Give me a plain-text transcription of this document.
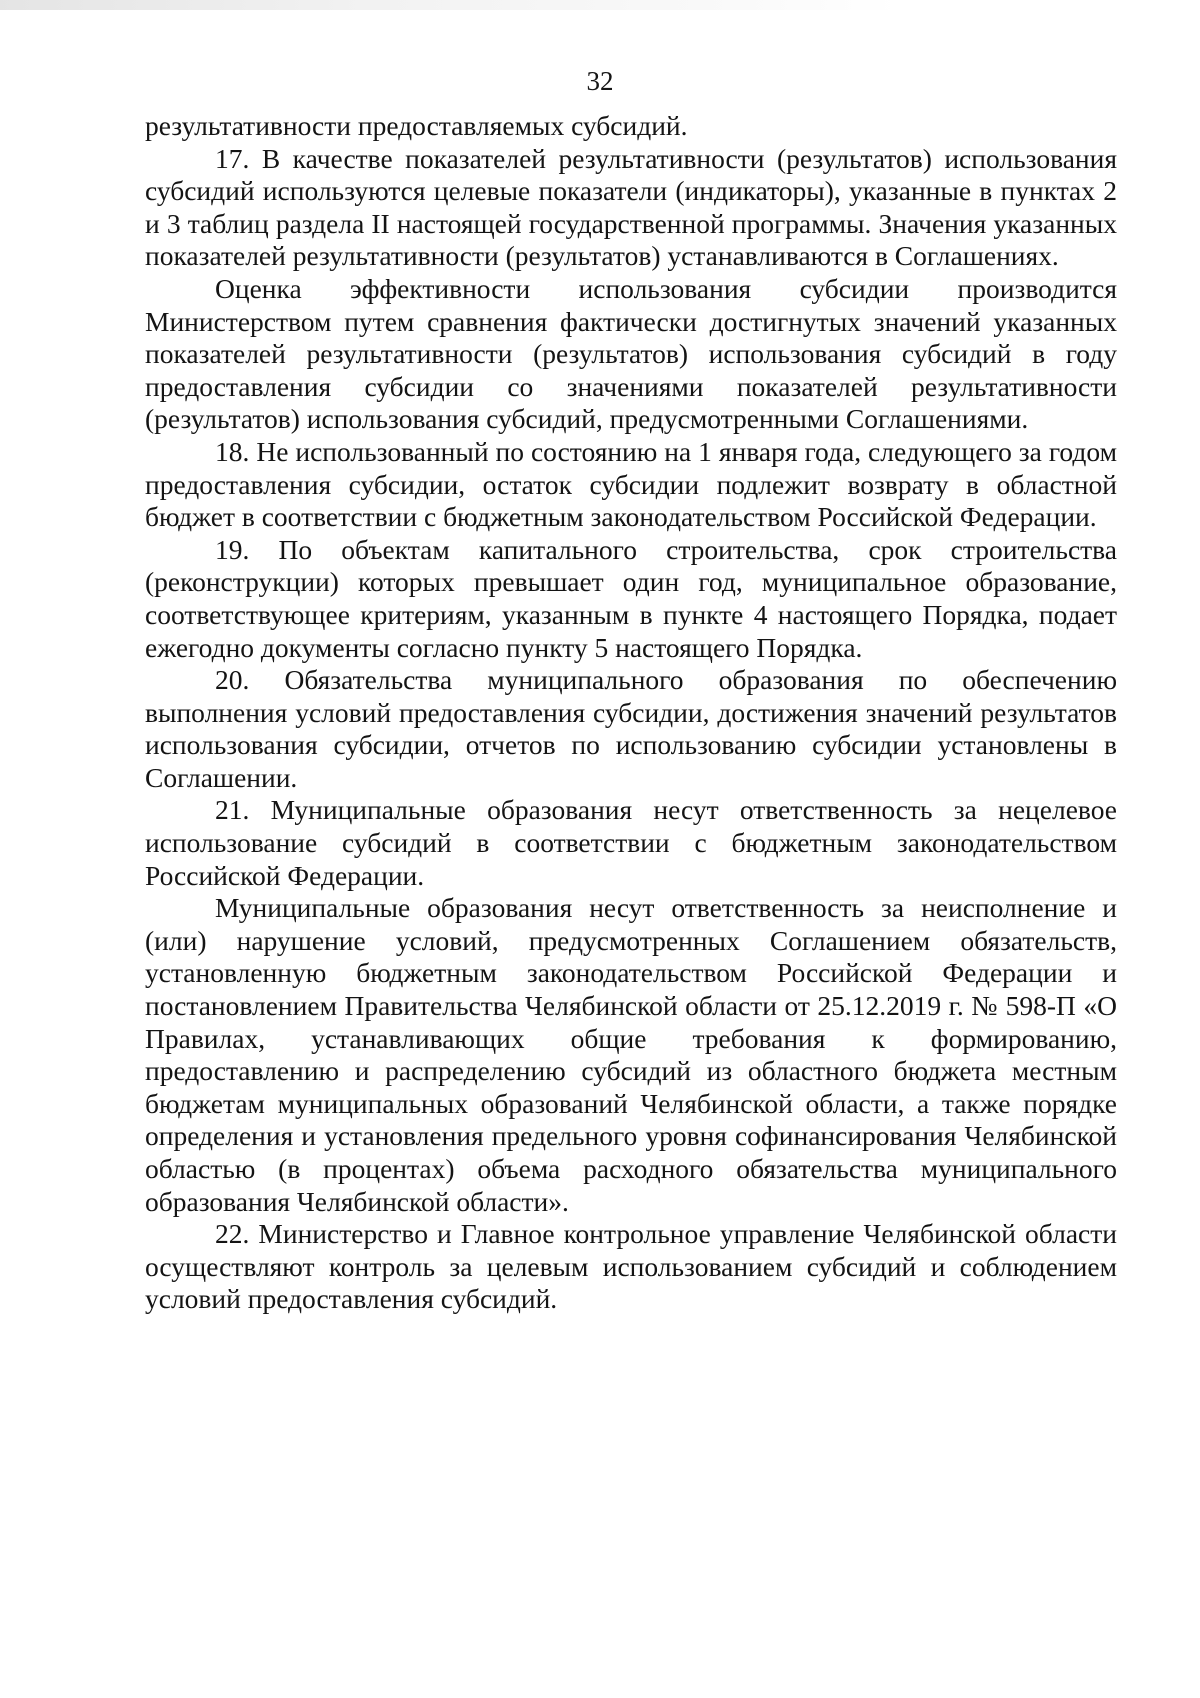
32

результативности предоставляемых субсидий.

17. В качестве показателей результативности (результатов) использования субсидий используются целевые показатели (индикаторы), указанные в пунктах 2 и 3 таблиц раздела II настоящей государственной программы. Значения указанных показателей результативности (результатов) устанавливаются в Соглашениях.

Оценка эффективности использования субсидии производится Министерством путем сравнения фактически достигнутых значений указанных показателей результативности (результатов) использования субсидий в году предоставления субсидии со значениями показателей результативности (результатов) использования субсидий, предусмотренными Соглашениями.

18. Не использованный по состоянию на 1 января года, следующего за годом предоставления субсидии, остаток субсидии подлежит возврату в областной бюджет в соответствии с бюджетным законодательством Российской Федерации.

19. По объектам капитального строительства, срок строительства (реконструкции) которых превышает один год, муниципальное образование, соответствующее критериям, указанным в пункте 4 настоящего Порядка, подает ежегодно документы согласно пункту 5 настоящего Порядка.

20. Обязательства муниципального образования по обеспечению выполнения условий предоставления субсидии, достижения значений результатов использования субсидии, отчетов по использованию субсидии установлены в Соглашении.

21. Муниципальные образования несут ответственность за нецелевое использование субсидий в соответствии с бюджетным законодательством Российской Федерации.

Муниципальные образования несут ответственность за неисполнение и (или) нарушение условий, предусмотренных Соглашением обязательств, установленную бюджетным законодательством Российской Федерации и постановлением Правительства Челябинской области от 25.12.2019 г. № 598-П «О Правилах, устанавливающих общие требования к формированию, предоставлению и распределению субсидий из областного бюджета местным бюджетам муниципальных образований Челябинской области, а также порядке определения и установления предельного уровня софинансирования Челябинской областью (в процентах) объема расходного обязательства муниципального образования Челябинской области».

22. Министерство и Главное контрольное управление Челябинской области осуществляют контроль за целевым использованием субсидий и соблюдением условий предоставления субсидий.
